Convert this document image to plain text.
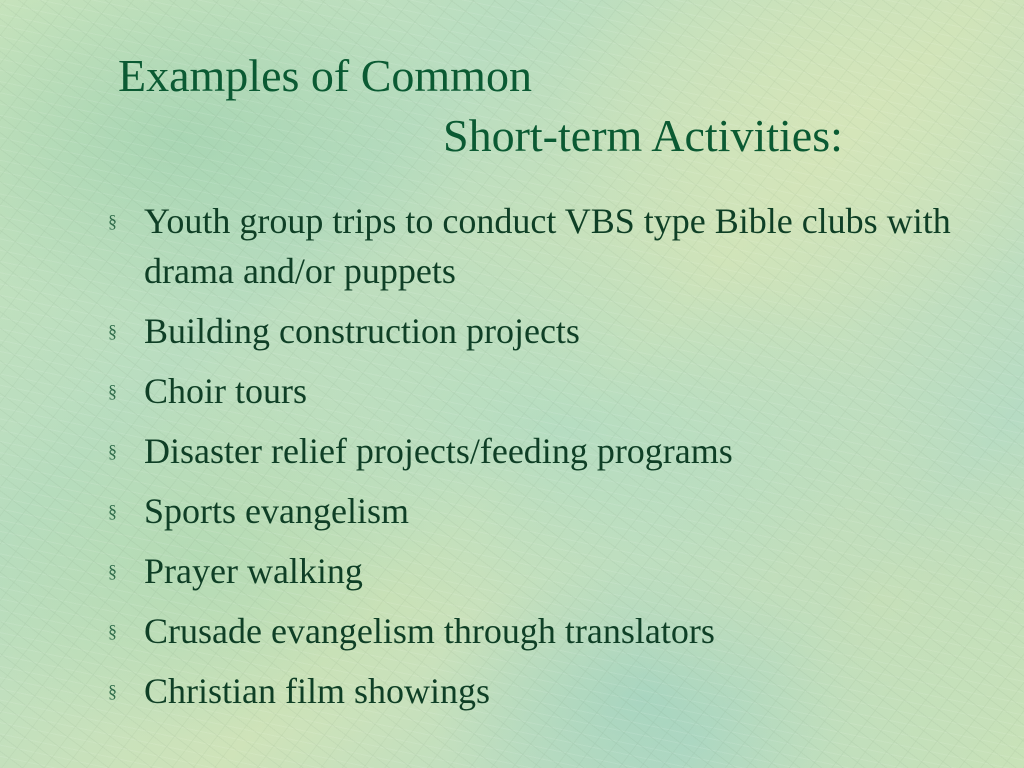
Examples of Common
Short-term Activities:
§ Youth group trips to conduct VBS type Bible clubs with drama and/or puppets
§ Building construction projects
§ Choir tours
§ Disaster relief projects/feeding programs
§ Sports evangelism
§ Prayer walking
§ Crusade evangelism through translators
§ Christian film showings
